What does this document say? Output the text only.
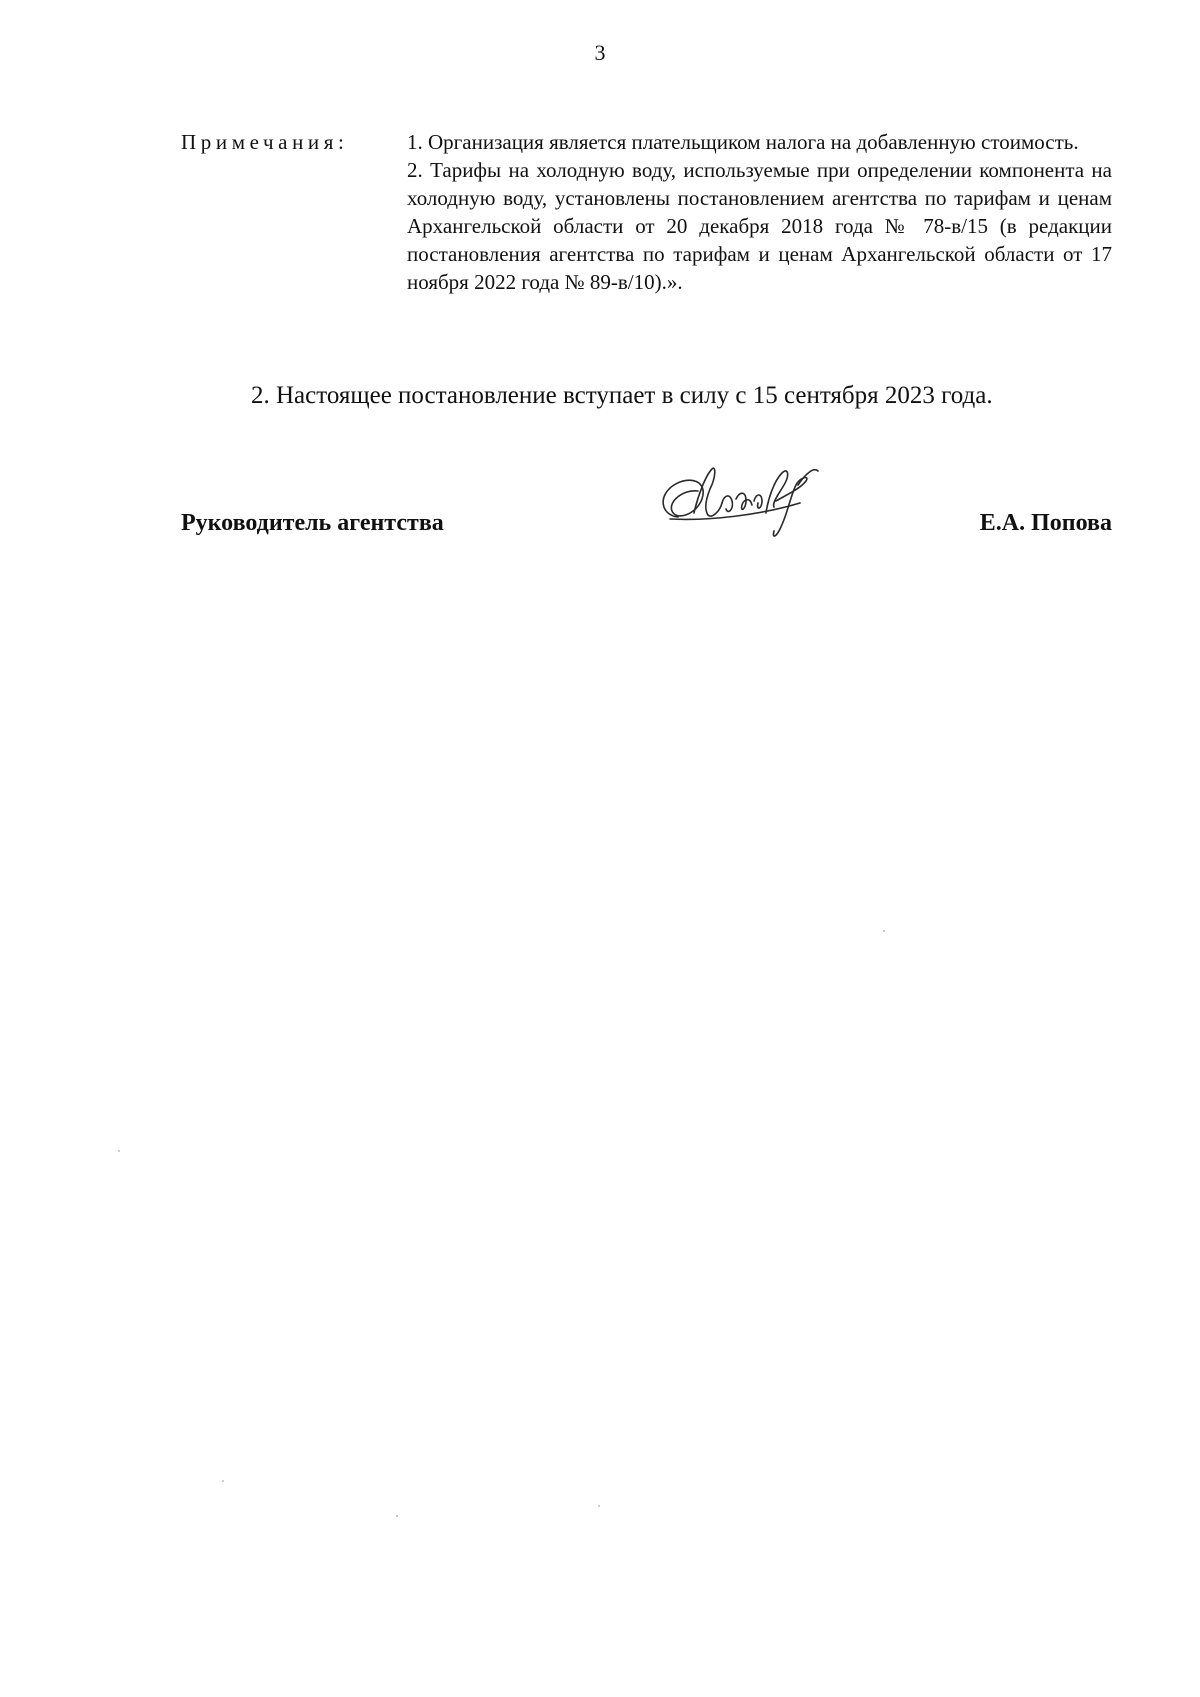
3
Примечания:	1. Организация является плательщиком налога на добавленную стоимость.

2. Тарифы на холодную воду, используемые при определении компонента на холодную воду, установлены постановлением агентства по тарифам и ценам Архангельской области от 20 декабря 2018 года № 78-в/15 (в редакции постановления агентства по тарифам и ценам Архангельской области от 17 ноября 2022 года № 89-в/10).».

2. Настоящее постановление вступает в силу с 15 сентября 2023 года.
Руководитель агентства	Е.А. Попова
